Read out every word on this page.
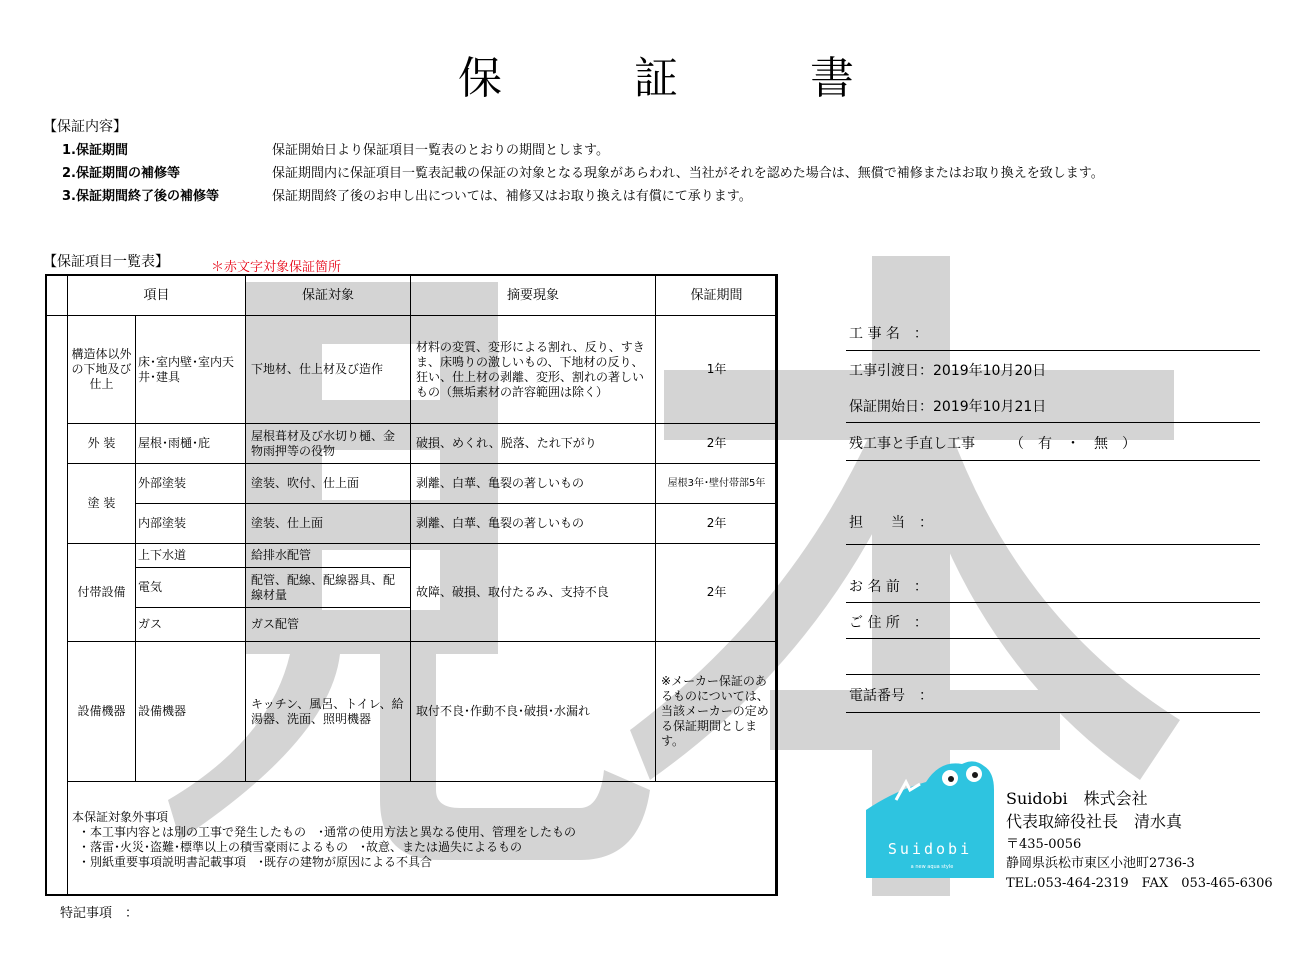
保　証　書
【保証内容】
1.保証期間	保証開始日より保証項目一覧表のとおりの期間とします。
2.保証期間の補修等	保証期間内に保証項目一覧表記載の保証の対象となる現象があらわれ、当社がそれを認めた場合は、無償で補修またはお取り換えを致します。
3.保証期間終了後の補修等	保証期間終了後のお申し出については、補修又はお取り換えは有償にて承ります。
【保証項目一覧表】	＊赤文字対象保証箇所
	項目		保証対象	摘要現象	保証期間
	構造体以外の下地及び仕上	床･室内壁･室内天井･建具	下地材、仕上材及び造作	材料の変質、変形による割れ、反り、すきま、床鳴りの激しいもの、下地材の反り、狂い、仕上材の剥離、変形、割れの著しいもの（無垢素材の許容範囲は除く）	1年
	外 装	屋根･雨樋･庇	屋根葺材及び水切り樋、金物雨押等の役物	破損、めくれ、脱落、たれ下がり	2年
	塗 装	外部塗装	塗装、吹付、仕上面	剥離、白華、亀裂の著しいもの	屋根3年･壁付帯部5年
		内部塗装	塗装、仕上面	剥離、白華、亀裂の著しいもの	2年
	付帯設備	上下水道	給排水配管	故障、破損、取付たるみ、支持不良	2年
		電気	配管、配線、配線器具、配線材量		
		ガス	ガス配管		
	設備機器	設備機器	キッチン、風呂、トイレ、給湯器、洗面、照明機器	取付不良･作動不良･破損･水漏れ	※メーカー保証のあるものについては、当該メーカーの定める保証期間とします。

	本保証対象外事項
・本工事内容とは別の工事で発生したもの　･通常の使用方法と異なる使用、管理をしたもの
・落雷･火災･盗難･標準以上の積雪豪雨によるもの　･故意、または過失によるもの
・別紙重要事項説明書記載事項　･既存の建物が原因による不具合				
特記事項　：
工 事 名　：
工事引渡日：2019年10月20日
保証開始日：2019年10月21日
残工事と手直し工事　　　（　有　・　無　）
担　　当　：
お 名 前　：
ご 住 所　：
電話番号　：
Suidobi
a new aqua style
Suidobi　株式会社
代表取締役社長　清水真
〒435-0056
静岡県浜松市東区小池町2736-3
TEL:053-464-2319　FAX　053-465-6306
